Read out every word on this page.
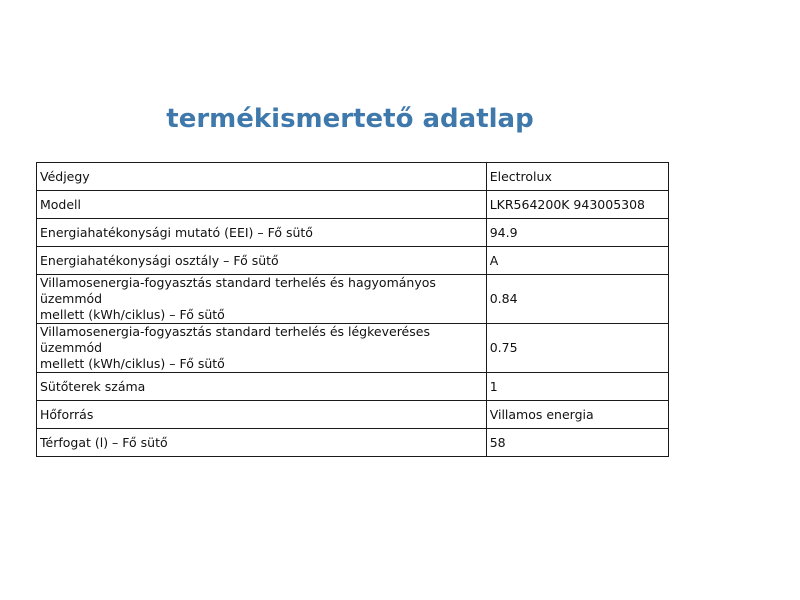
termékismertető adatlap
Védjegy	Electrolux
Modell	LKR564200K 943005308
Energiahatékonysági mutató (EEI) – Fő sütő	94.9
Energiahatékonysági osztály – Fő sütő	A

Villamosenergia-fogyasztás standard terhelés és hagyományos üzemmód
mellett (kWh/ciklus) – Fő sütő	0.84

Villamosenergia-fogyasztás standard terhelés és légkeveréses üzemmód
mellett (kWh/ciklus) – Fő sütő	0.75
Sütőterek száma	1
Hőforrás	Villamos energia
Térfogat (l) – Fő sütő	58
